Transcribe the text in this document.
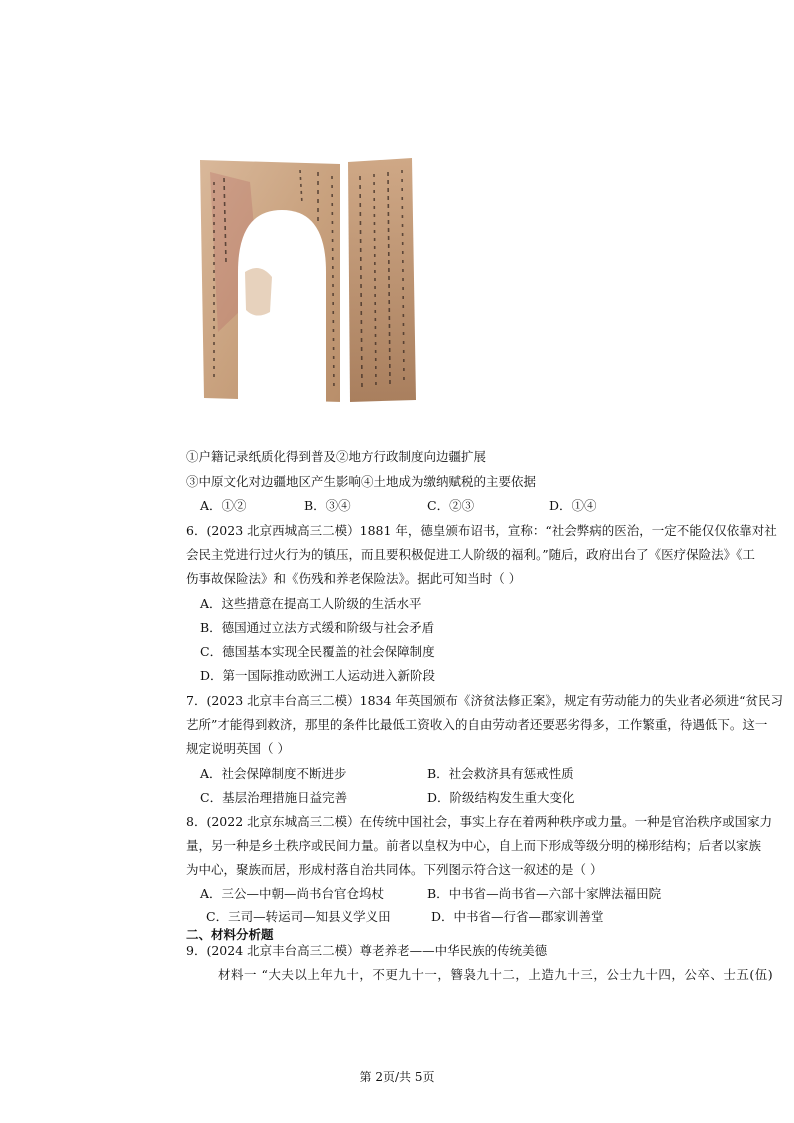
①户籍记录纸质化得到普及②地方行政制度向边疆扩展
③中原文化对边疆地区产生影响④土地成为缴纳赋税的主要依据
A．①②	B．③④	C．②③	D．①④
6．(2023 北京西城高三二模）1881 年，德皇颁布诏书，宣称：“社会弊病的医治，一定不能仅仅依靠对社
会民主党进行过火行为的镇压，而且要积极促进工人阶级的福利。”随后，政府出台了《医疗保险法》《工
伤事故保险法》和《伤残和养老保险法》。据此可知当时（ ）
A．这些措意在提高工人阶级的生活水平
B．德国通过立法方式缓和阶级与社会矛盾
C．德国基本实现全民覆盖的社会保障制度
D．第一国际推动欧洲工人运动进入新阶段
7．(2023 北京丰台高三二模）1834 年英国颁布《济贫法修正案》，规定有劳动能力的失业者必须进“贫民习
艺所”才能得到救济，那里的条件比最低工资收入的自由劳动者还要恶劣得多，工作繁重，待遇低下。这一
规定说明英国（ ）
A．社会保障制度不断进步	B．社会救济具有惩戒性质
C．基层治理措施日益完善	D．阶级结构发生重大变化
8．(2022 北京东城高三二模）在传统中国社会，事实上存在着两种秩序或力量。一种是官治秩序或国家力
量，另一种是乡土秩序或民间力量。前者以皇权为中心，自上而下形成等级分明的梯形结构；后者以家族
为中心，聚族而居，形成村落自治共同体。下列图示符合这一叙述的是（ ）
A．三公—中朝—尚书台官仓坞杖	B．中书省—尚书省—六部十家牌法福田院
C．三司—转运司—知县义学义田	D．中书省—行省—郡家训善堂
二、材料分析题
9．(2024 北京丰台高三二模）尊老养老——中华民族的传统美德
材料一 “大夫以上年九十，不更九十一，簪袅九十二，上造九十三，公士九十四，公卒、士五(伍)
第 2页/共 5页
